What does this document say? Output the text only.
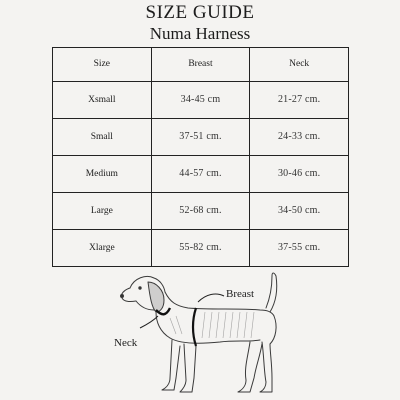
SIZE GUIDE
Numa Harness
Size	Breast	Neck
Xsmall	34-45 cm	21-27 cm.
Small	37-51 cm.	24-33 cm.
Medium	44-57 cm.	30-46 cm.
Large	52-68 cm.	34-50 cm.
Xlarge	55-82 cm.	37-55 cm.
Breast
Neck
